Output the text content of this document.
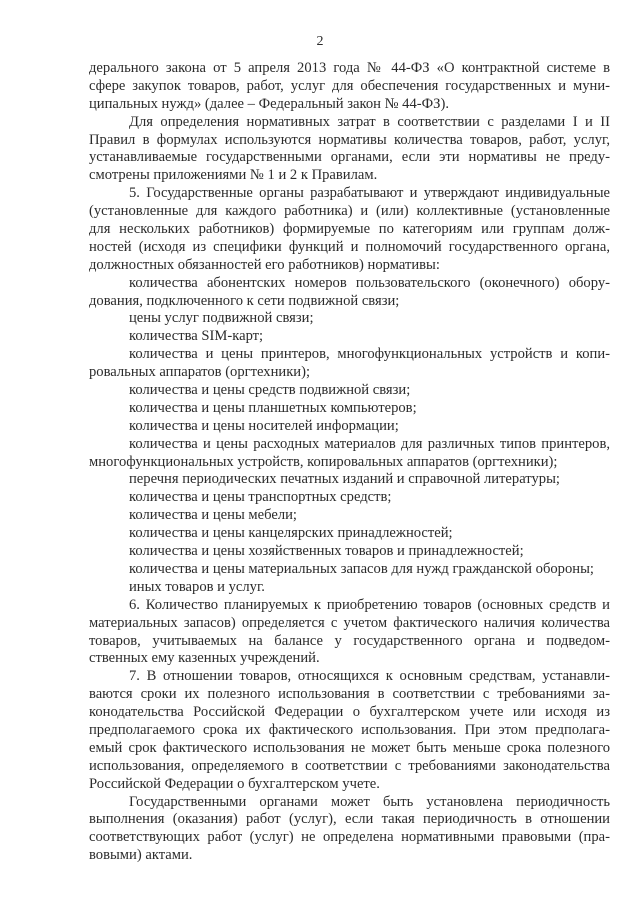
2
дерального закона от 5 апреля 2013 года № 44-ФЗ «О контрактной системе в
сфере закупок товаров, работ, услуг для обеспечения государственных и муни-
ципальных нужд» (далее – Федеральный закон № 44-ФЗ).
Для определения нормативных затрат в соответствии с разделами I и II
Правил в формулах используются нормативы количества товаров, работ, услуг,
устанавливаемые государственными органами, если эти нормативы не преду-
смотрены приложениями № 1 и 2 к Правилам.
5. Государственные органы разрабатывают и утверждают индивидуальные
(установленные для каждого работника) и (или) коллективные (установленные
для нескольких работников) формируемые по категориям или группам долж-
ностей (исходя из специфики функций и полномочий государственного органа,
должностных обязанностей его работников) нормативы:
количества абонентских номеров пользовательского (оконечного) обору-
дования, подключенного к сети подвижной связи;
цены услуг подвижной связи;
количества SIM-карт;
количества и цены принтеров, многофункциональных устройств и копи-
ровальных аппаратов (оргтехники);
количества и цены средств подвижной связи;
количества и цены планшетных компьютеров;
количества и цены носителей информации;
количества и цены расходных материалов для различных типов принтеров,
многофункциональных устройств, копировальных аппаратов (оргтехники);
перечня периодических печатных изданий и справочной литературы;
количества и цены транспортных средств;
количества и цены мебели;
количества и цены канцелярских принадлежностей;
количества и цены хозяйственных товаров и принадлежностей;
количества и цены материальных запасов для нужд гражданской обороны;
иных товаров и услуг.
6. Количество планируемых к приобретению товаров (основных средств и
материальных запасов) определяется с учетом фактического наличия количества
товаров, учитываемых на балансе у государственного органа и подведом-
ственных ему казенных учреждений.
7. В отношении товаров, относящихся к основным средствам, устанавли-
ваются сроки их полезного использования в соответствии с требованиями за-
конодательства Российской Федерации о бухгалтерском учете или исходя из
предполагаемого срока их фактического использования. При этом предполага-
емый срок фактического использования не может быть меньше срока полезного
использования, определяемого в соответствии с требованиями законодательства
Российской Федерации о бухгалтерском учете.
Государственными органами может быть установлена периодичность
выполнения (оказания) работ (услуг), если такая периодичность в отношении
соответствующих работ (услуг) не определена нормативными правовыми (пра-
вовыми) актами.
